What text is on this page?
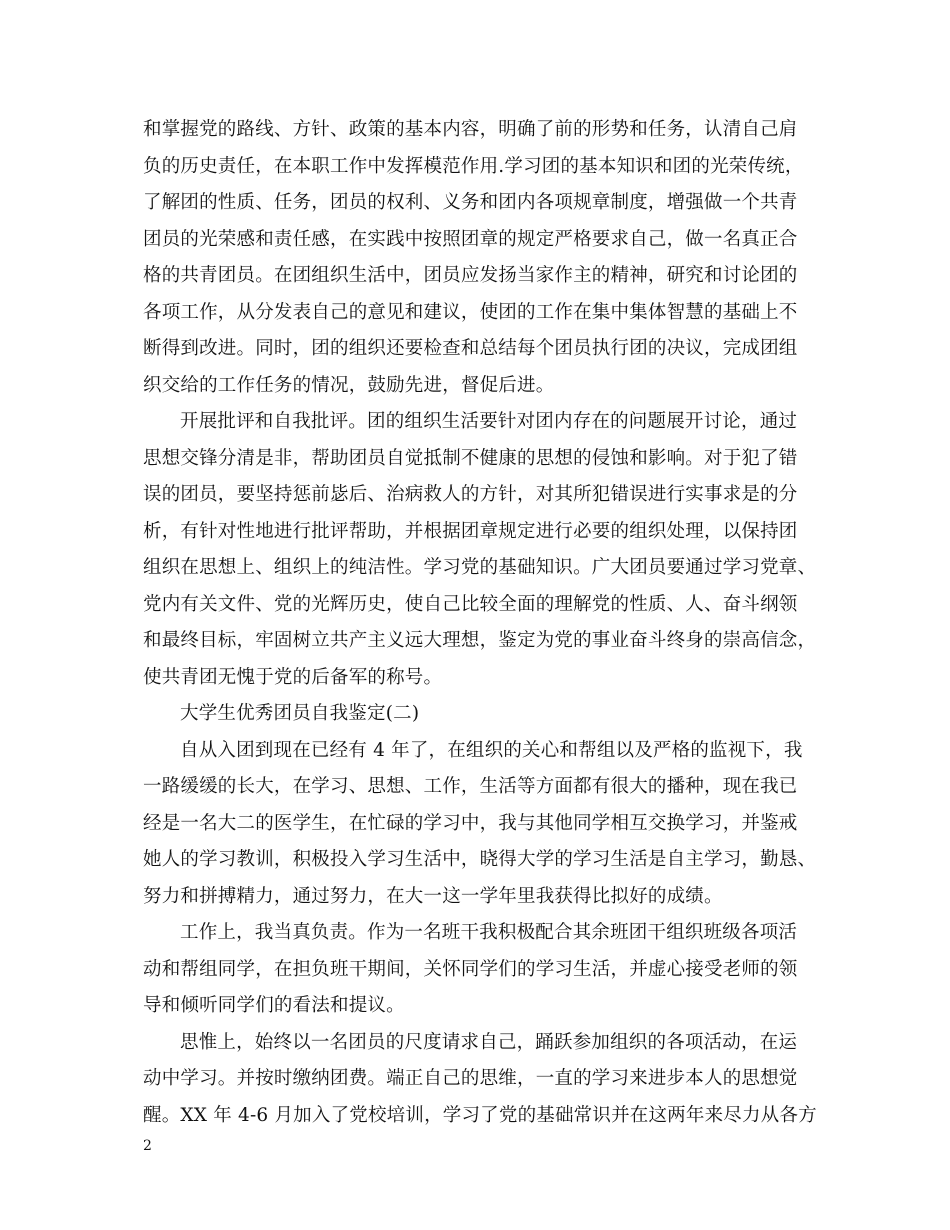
和掌握党的路线、方针、政策的基本内容，明确了前的形势和任务，认清自己肩
负的历史责任，在本职工作中发挥模范作用.学习团的基本知识和团的光荣传统，
了解团的性质、任务，团员的权利、义务和团内各项规章制度，增强做一个共青
团员的光荣感和责任感，在实践中按照团章的规定严格要求自己，做一名真正合
格的共青团员。在团组织生活中，团员应发扬当家作主的精神，研究和讨论团的
各项工作，从分发表自己的意见和建议，使团的工作在集中集体智慧的基础上不
断得到改进。同时，团的组织还要检查和总结每个团员执行团的决议，完成团组
织交给的工作任务的情况，鼓励先进，督促后进。
开展批评和自我批评。团的组织生活要针对团内存在的问题展开讨论，通过
思想交锋分清是非，帮助团员自觉抵制不健康的思想的侵蚀和影响。对于犯了错
误的团员，要坚持惩前毖后、治病救人的方针，对其所犯错误进行实事求是的分
析，有针对性地进行批评帮助，并根据团章规定进行必要的组织处理，以保持团
组织在思想上、组织上的纯洁性。学习党的基础知识。广大团员要通过学习党章、
党内有关文件、党的光辉历史，使自己比较全面的理解党的性质、人、奋斗纲领
和最终目标，牢固树立共产主义远大理想，鉴定为党的事业奋斗终身的崇高信念，
使共青团无愧于党的后备军的称号。
大学生优秀团员自我鉴定(二)
自从入团到现在已经有 4 年了，在组织的关心和帮组以及严格的监视下，我
一路缓缓的长大，在学习、思想、工作，生活等方面都有很大的播种，现在我已
经是一名大二的医学生，在忙碌的学习中，我与其他同学相互交换学习，并鉴戒
她人的学习教训，积极投入学习生活中，晓得大学的学习生活是自主学习，勤恳、
努力和拼搏精力，通过努力，在大一这一学年里我获得比拟好的成绩。
工作上，我当真负责。作为一名班干我积极配合其余班团干组织班级各项活
动和帮组同学，在担负班干期间，关怀同学们的学习生活，并虚心接受老师的领
导和倾听同学们的看法和提议。
思惟上，始终以一名团员的尺度请求自己，踊跃参加组织的各项活动，在运
动中学习。并按时缴纳团费。端正自己的思维，一直的学习来进步本人的思想觉
醒。XX 年 4-6 月加入了党校培训，学习了党的基础常识并在这两年来尽力从各方
2
